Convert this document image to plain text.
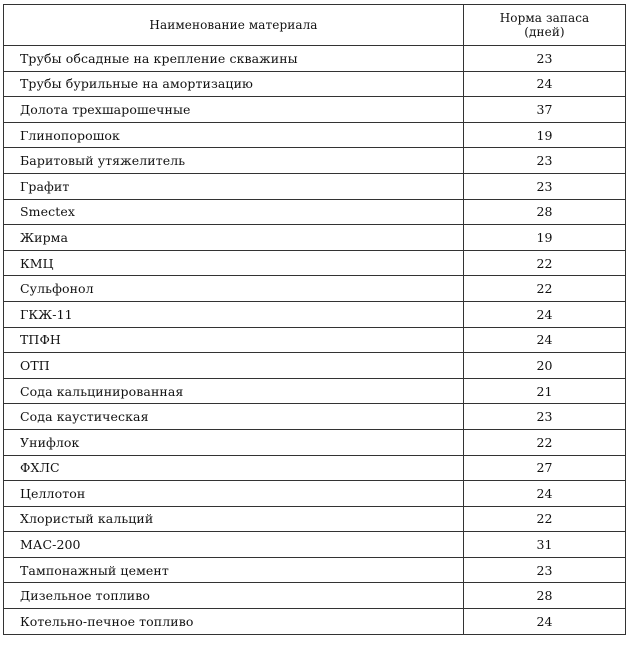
Наименование материала	Норма запаса
(дней)

Трубы обсадные на крепление скважины	23
Трубы бурильные на амортизацию	24
Долота трехшарошечные	37
Глинопорошок	19
Баритовый утяжелитель	23
Графит	23
Smectex	28
Жирма	19
КМЦ	22
Сульфонол	22
ГКЖ-11	24
ТПФН	24
ОТП	20
Сода кальцинированная	21
Сода каустическая	23
Унифлок	22
ФХЛС	27
Целлотон	24
Хлористый кальций	22
МАС-200	31
Тампонажный цемент	23
Дизельное топливо	28
Котельно-печное топливо	24
